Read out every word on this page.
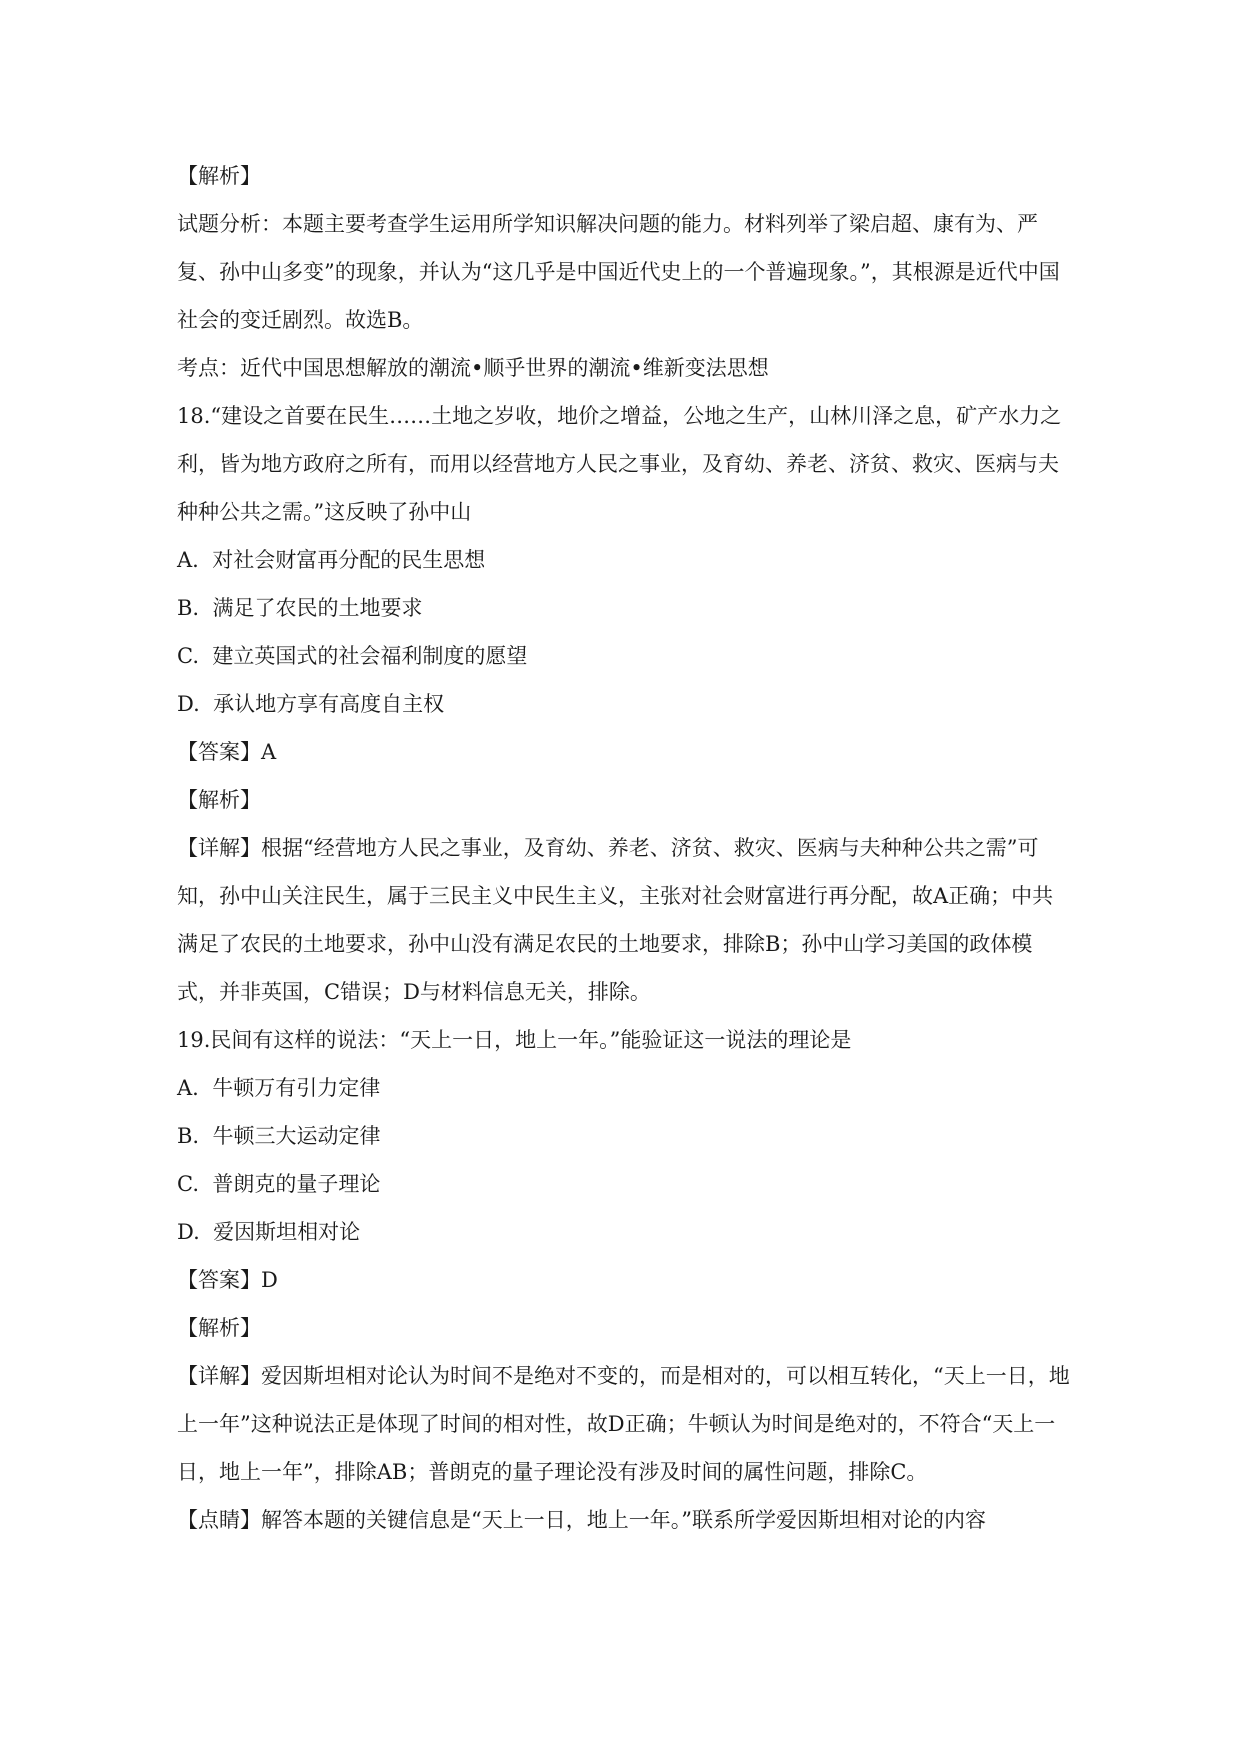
【解析】

试题分析：本题主要考查学生运用所学知识解决问题的能力。材料列举了梁启超、康有为、严复、孙中山多变”的现象，并认为“这几乎是中国近代史上的一个普遍现象。”，其根源是近代中国社会的变迁剧烈。故选B。

考点：近代中国思想解放的潮流•顺乎世界的潮流•维新变法思想

18.“建设之首要在民生……土地之岁收，地价之增益，公地之生产，山林川泽之息，矿产水力之利，皆为地方政府之所有，而用以经营地方人民之事业，及育幼、养老、济贫、救灾、医病与夫种种公共之需。”这反映了孙中山

A.  对社会财富再分配的民生思想

B.  满足了农民的土地要求

C.  建立英国式的社会福利制度的愿望

D.  承认地方享有高度自主权

【答案】A

【解析】

【详解】根据“经营地方人民之事业，及育幼、养老、济贫、救灾、医病与夫种种公共之需”可知，孙中山关注民生，属于三民主义中民生主义，主张对社会财富进行再分配，故A正确；中共满足了农民的土地要求，孙中山没有满足农民的土地要求，排除B；孙中山学习美国的政体模式，并非英国，C错误；D与材料信息无关，排除。

19.民间有这样的说法：“天上一日，地上一年。”能验证这一说法的理论是

A.  牛顿万有引力定律

B.  牛顿三大运动定律

C.  普朗克的量子理论

D.  爱因斯坦相对论

【答案】D

【解析】

【详解】爱因斯坦相对论认为时间不是绝对不变的，而是相对的，可以相互转化，“天上一日，地上一年”这种说法正是体现了时间的相对性，故D正确；牛顿认为时间是绝对的，不符合“天上一日，地上一年”，排除AB；普朗克的量子理论没有涉及时间的属性问题，排除C。

【点睛】解答本题的关键信息是“天上一日，地上一年。”联系所学爱因斯坦相对论的内容
